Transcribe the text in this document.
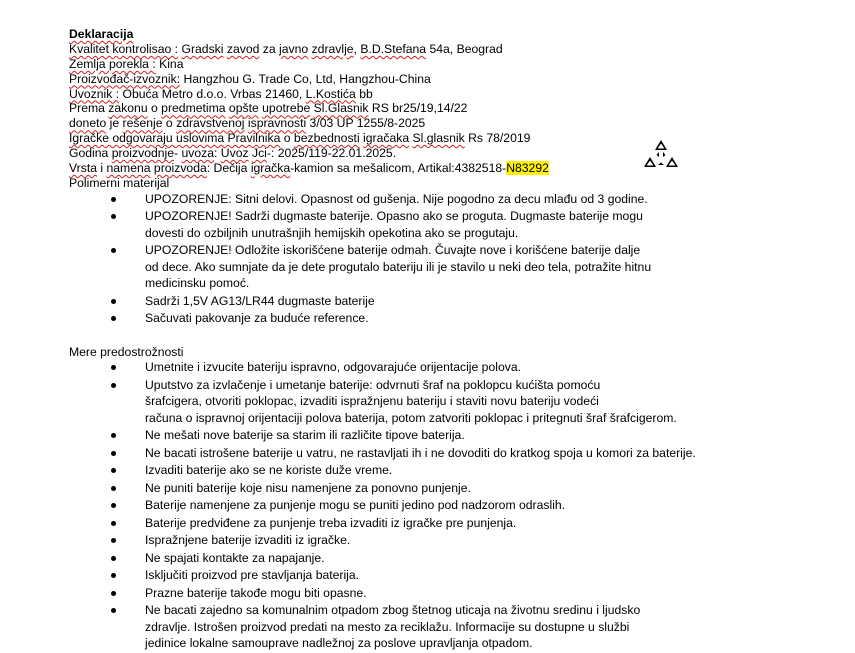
Deklaracija
Kvalitet kontrolisao : Gradski zavod za javno zdravlje, B.D.Stefana 54a, Beograd
Zemlja porekla : Kina
Proizvođač-izvoznik: Hangzhou G. Trade Co, Ltd, Hangzhou-China
Uvoznik : Obuća Metro d.o.o. Vrbas 21460, L.Kostića bb
Prema zakonu o predmetima opšte upotrebe Sl.Glasnik RS br25/19,14/22
doneto je rešenje o zdravstvenoj ispravnosti 3/03 UP 1255/8-2025
Igračke odgovaraju uslovima Pravilnika o bezbednosti igračaka Sl.glasnik Rs 78/2019
Godina proizvodnje- uvoza: Uvoz Jci-: 2025/119-22.01.2025.
Vrsta i namena proizvoda: Dečija igračka-kamion sa mešalicom, Artikal:4382518-N83292
Polimerni materijal
UPOZORENJE: Sitni delovi. Opasnost od gušenja. Nije pogodno za decu mlađu od 3 godine.
UPOZORENJE! Sadrži dugmaste baterije. Opasno ako se proguta. Dugmaste baterije mogu
dovesti do ozbiljnih unutrašnjih hemijskih opekotina ako se progutaju.
UPOZORENJE! Odložite iskorišćene baterije odmah. Čuvajte nove i korišćene baterije dalje
od dece. Ako sumnjate da je dete progutalo bateriju ili je stavilo u neki deo tela, potražite hitnu
medicinsku pomoć.
Sadrži 1,5V AG13/LR44 dugmaste baterije
Sačuvati pakovanje za buduće reference.
Mere predostrožnosti
Umetnite i izvucite bateriju ispravno, odgovarajuće orijentacije polova.
Uputstvo za izvlačenje i umetanje baterije: odvrnuti šraf na poklopcu kućišta pomoću
šrafcigera, otvoriti poklopac, izvaditi ispražnjenu bateriju i staviti novu bateriju vodeći
računa o ispravnoj orijentaciji polova baterija, potom zatvoriti poklopac i pritegnuti šraf šrafcigerom.
Ne mešati nove baterije sa starim ili različite tipove baterija.
Ne bacati istrošene baterije u vatru, ne rastavljati ih i ne dovoditi do kratkog spoja u komori za baterije.
Izvaditi baterije ako se ne koriste duže vreme.
Ne puniti baterije koje nisu namenjene za ponovno punjenje.
Baterije namenjene za punjenje mogu se puniti jedino pod nadzorom odraslih.
Baterije predviđene za punjenje treba izvaditi iz igračke pre punjenja.
Ispražnjene baterije izvaditi iz igračke.
Ne spajati kontakte za napajanje.
Isključiti proizvod pre stavljanja baterija.
Prazne baterije takođe mogu biti opasne.
Ne bacati zajedno sa komunalnim otpadom zbog štetnog uticaja na životnu sredinu i ljudsko
zdravlje. Istrošen proizvod predati na mesto za reciklažu. Informacije su dostupne u službi
jedinice lokalne samouprave nadležnoj za poslove upravljanja otpadom.
